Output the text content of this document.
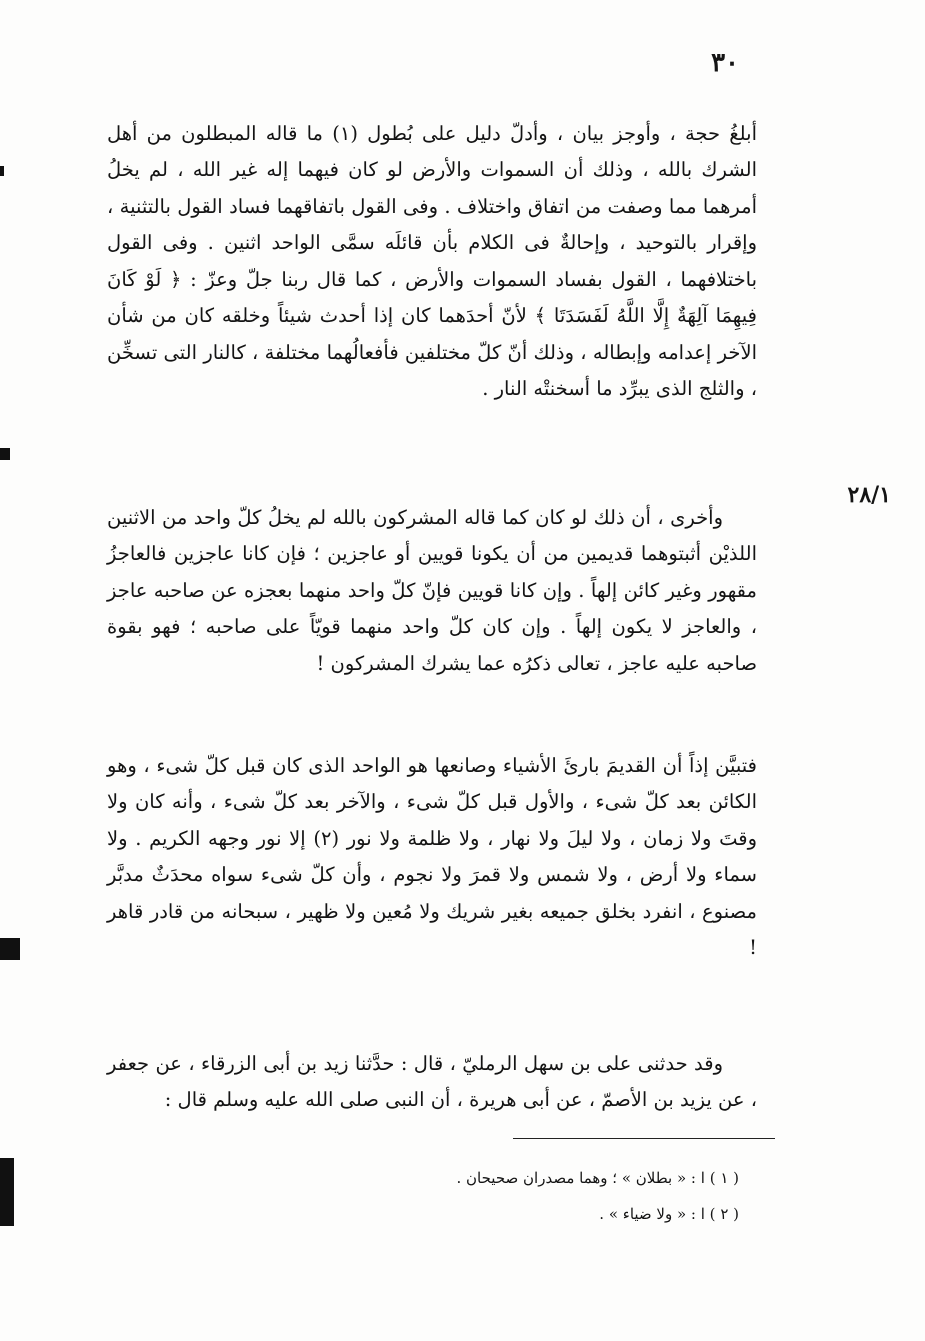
٣٠
٢٨/١

أبلغُ حجة ، وأوجز بيان ، وأدلّ دليل على بُطول (١) ما قاله المبطلون من أهل الشرك بالله ، وذلك أن السموات والأرض لو كان فيهما إله غير الله ، لم يخلُ أمرهما مما وصفت من اتفاق واختلاف . وفى القول باتفاقهما فساد القول بالتثنية ، وإقرار بالتوحيد ، وإحالةٌ فى الكلام بأن قائلَه سمَّى الواحد اثنين . وفى القول باختلافهما ، القول بفساد السموات والأرض ، كما قال ربنا جلّ وعزّ : ﴿ لَوْ كَانَ فِيهِمَا آلِهَةٌ إِلَّا اللَّهُ لَفَسَدَتَا ﴾ لأنّ أحدَهما كان إذا أحدث شيئاً وخلقه كان من شأن الآخر إعدامه وإبطاله ، وذلك أنّ كلّ مختلفين فأفعالُهما مختلفة ، كالنار التى تسخِّن ، والثلج الذى يبرِّد ما أسخنتْه النار .

وأخرى ، أن ذلك لو كان كما قاله المشركون بالله لم يخلُ كلّ واحد من الاثنين اللذيْن أثبتوهما قديمين من أن يكونا قويين أو عاجزين ؛ فإن كانا عاجزين فالعاجزُ مقهور وغير كائن إلهاً . وإن كانا قويين فإنّ كلّ واحد منهما بعجزه عن صاحبه عاجز ، والعاجز لا يكون إلهاً . وإن كان كلّ واحد منهما قويّاً على صاحبه ؛ فهو بقوة صاحبه عليه عاجز ، تعالى ذكرُه عما يشرك المشركون !

فتبيَّن إذاً أن القديمَ بارئَ الأشياء وصانعها هو الواحد الذى كان قبل كلّ شىء ، وهو الكائن بعد كلّ شىء ، والأول قبل كلّ شىء ، والآخر بعد كلّ شىء ، وأنه كان ولا وقتَ ولا زمان ، ولا ليلَ ولا نهار ، ولا ظلمة ولا نور (٢) إلا نور وجهه الكريم . ولا سماء ولا أرض ، ولا شمس ولا قمرَ ولا نجوم ، وأن كلّ شىء سواه محدَثٌ مدبَّر مصنوع ، انفرد بخلق جميعه بغير شريك ولا مُعين ولا ظهير ، سبحانه من قادر قاهر !

وقد حدثنى على بن سهل الرمليّ ، قال : حدَّثنا زيد بن أبى الزرقاء ، عن جعفر ، عن يزيد بن الأصمّ ، عن أبى هريرة ، أن النبى صلى الله عليه وسلم قال :

( ١ ) ا : « بطلان » ؛ وهما مصدران صحيحان .
( ٢ ) ا : « ولا ضياء » .
